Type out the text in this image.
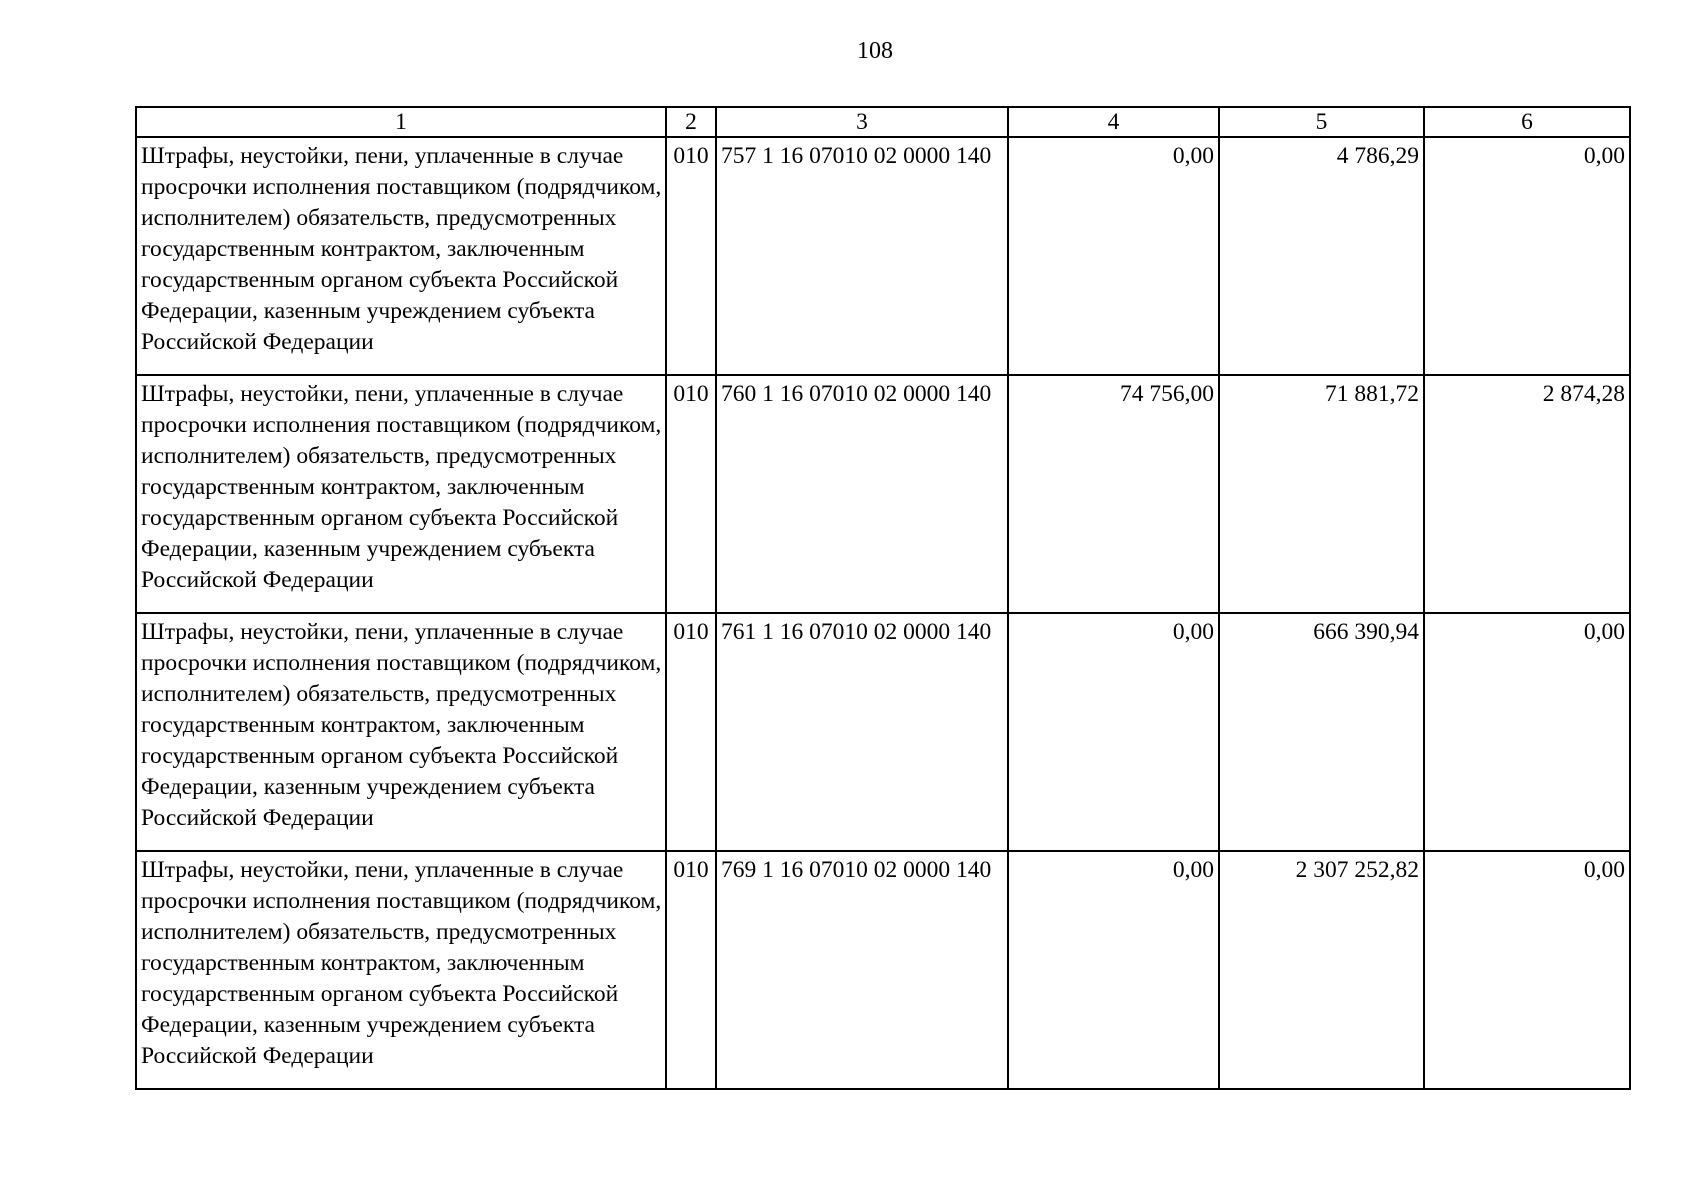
108
1	2	3	4	5	6
Штрафы, неустойки, пени, уплаченные в случае просрочки исполнения поставщиком (подрядчиком, исполнителем) обязательств, предусмотренных государственным контрактом, заключенным государственным органом субъекта Российской Федерации, казенным учреждением субъекта Российской Федерации	010	757 1 16 07010 02 0000 140	0,00	4 786,29	0,00
Штрафы, неустойки, пени, уплаченные в случае просрочки исполнения поставщиком (подрядчиком, исполнителем) обязательств, предусмотренных государственным контрактом, заключенным государственным органом субъекта Российской Федерации, казенным учреждением субъекта Российской Федерации	010	760 1 16 07010 02 0000 140	74 756,00	71 881,72	2 874,28
Штрафы, неустойки, пени, уплаченные в случае просрочки исполнения поставщиком (подрядчиком, исполнителем) обязательств, предусмотренных государственным контрактом, заключенным государственным органом субъекта Российской Федерации, казенным учреждением субъекта Российской Федерации	010	761 1 16 07010 02 0000 140	0,00	666 390,94	0,00
Штрафы, неустойки, пени, уплаченные в случае просрочки исполнения поставщиком (подрядчиком, исполнителем) обязательств, предусмотренных государственным контрактом, заключенным государственным органом субъекта Российской Федерации, казенным учреждением субъекта Российской Федерации	010	769 1 16 07010 02 0000 140	0,00	2 307 252,82	0,00
